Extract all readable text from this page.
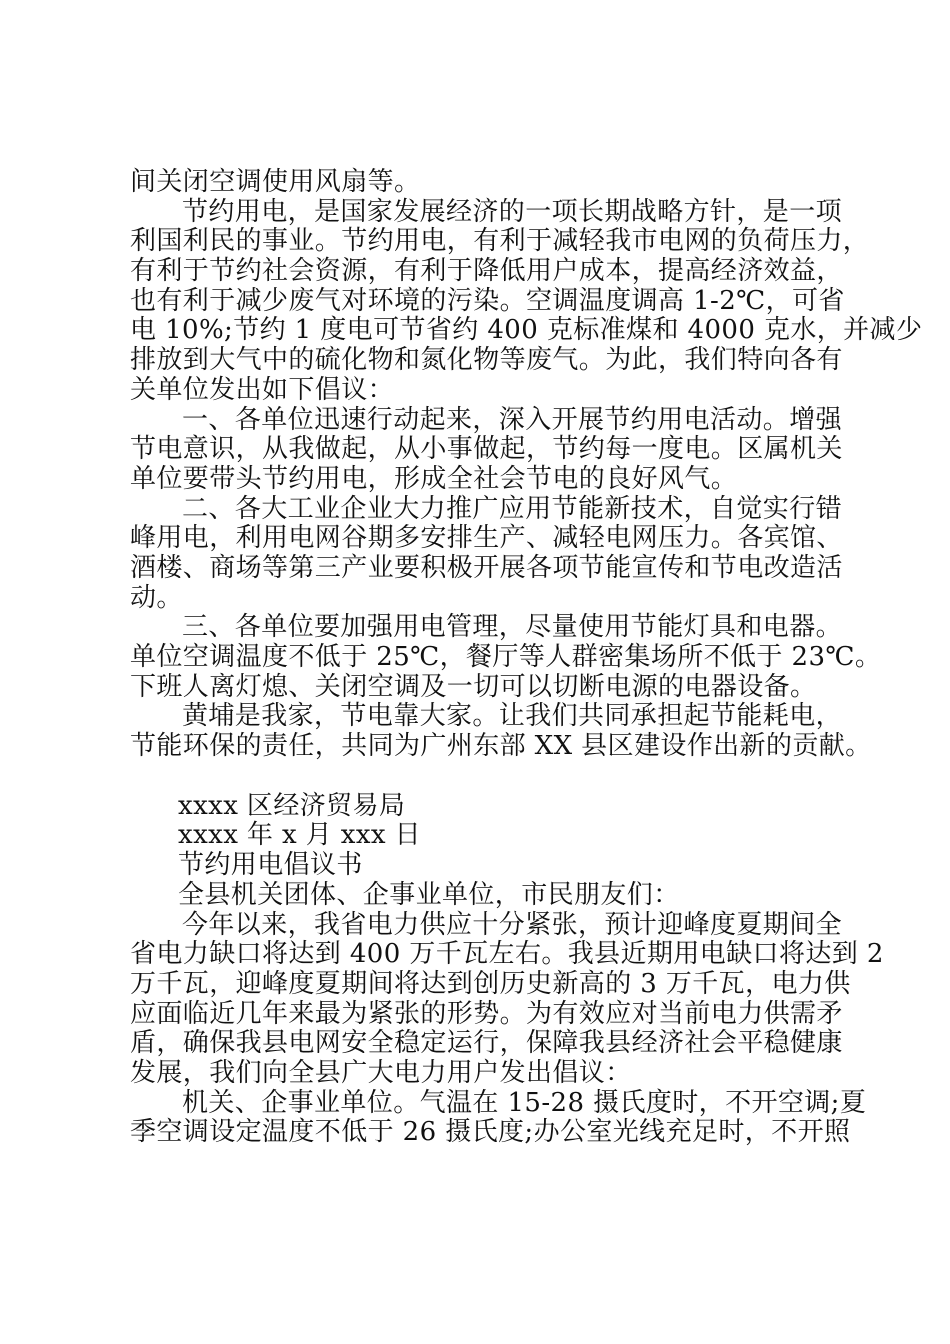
间关闭空调使用风扇等。
节约用电，是国家发展经济的一项长期战略方针，是一项
利国利民的事业。节约用电，有利于减轻我市电网的负荷压力，
有利于节约社会资源，有利于降低用户成本，提高经济效益，
也有利于减少废气对环境的污染。空调温度调高 1-2℃，可省
电 10%;节约 1 度电可节省约 400 克标准煤和 4000 克水，并减少
排放到大气中的硫化物和氮化物等废气。为此，我们特向各有
关单位发出如下倡议：
一、各单位迅速行动起来，深入开展节约用电活动。增强
节电意识，从我做起，从小事做起，节约每一度电。区属机关
单位要带头节约用电，形成全社会节电的良好风气。
二、各大工业企业大力推广应用节能新技术，自觉实行错
峰用电，利用电网谷期多安排生产、减轻电网压力。各宾馆、
酒楼、商场等第三产业要积极开展各项节能宣传和节电改造活
动。
三、各单位要加强用电管理，尽量使用节能灯具和电器。
单位空调温度不低于 25℃，餐厅等人群密集场所不低于 23℃。
下班人离灯熄、关闭空调及一切可以切断电源的电器设备。
黄埔是我家，节电靠大家。让我们共同承担起节能耗电，
节能环保的责任，共同为广州东部 XX 县区建设作出新的贡献。
xxxx 区经济贸易局
xxxx 年 x 月 xxx 日
节约用电倡议书
全县机关团体、企事业单位，市民朋友们：
今年以来，我省电力供应十分紧张，预计迎峰度夏期间全
省电力缺口将达到 400 万千瓦左右。我县近期用电缺口将达到 2
万千瓦，迎峰度夏期间将达到创历史新高的 3 万千瓦，电力供
应面临近几年来最为紧张的形势。为有效应对当前电力供需矛
盾，确保我县电网安全稳定运行，保障我县经济社会平稳健康
发展，我们向全县广大电力用户发出倡议：
机关、企事业单位。气温在 15-28 摄氏度时，不开空调;夏
季空调设定温度不低于 26 摄氏度;办公室光线充足时，不开照
